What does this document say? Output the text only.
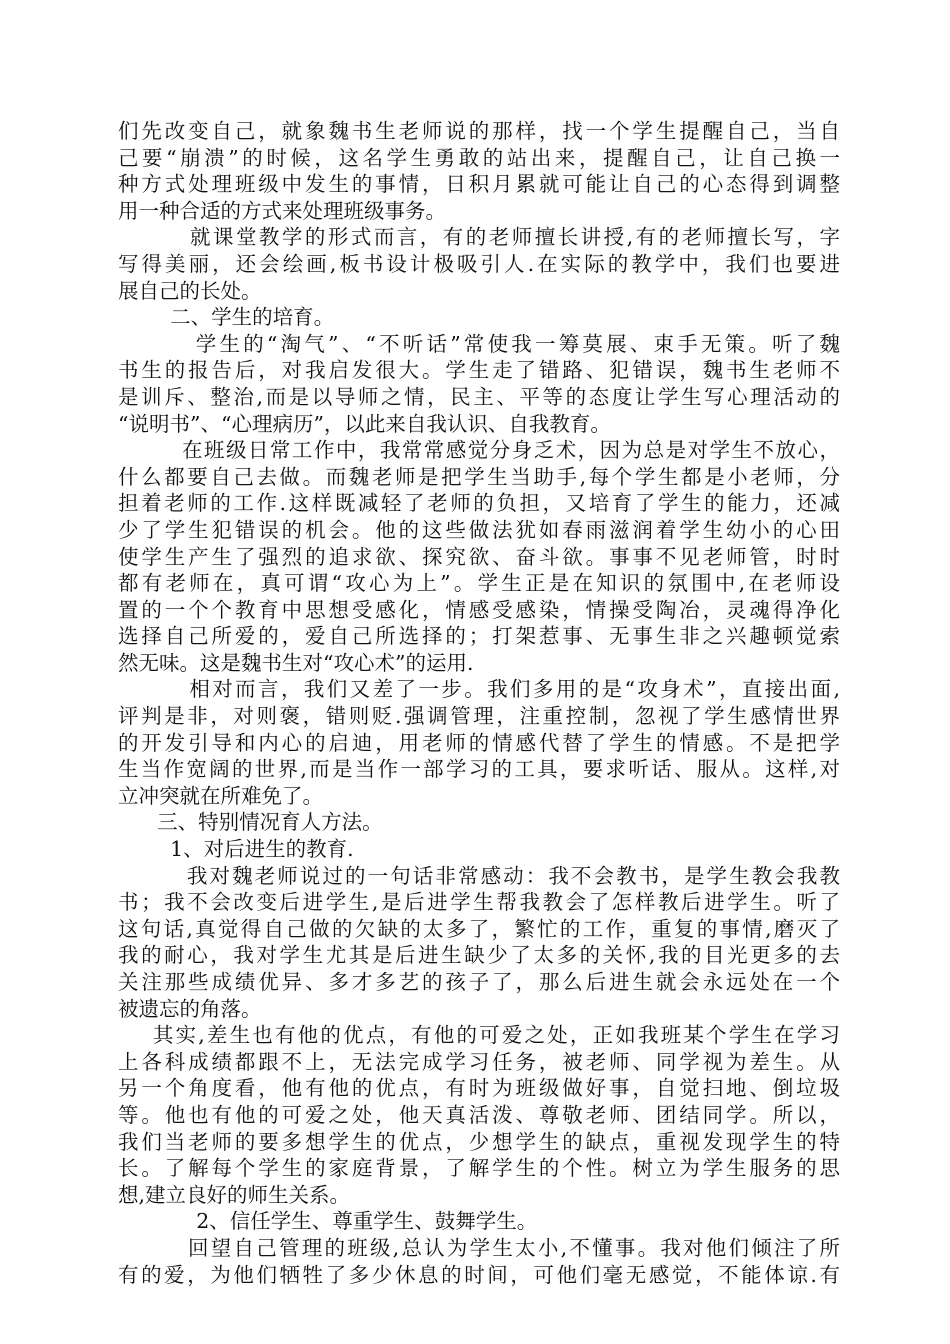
们先改变自己，就象魏书生老师说的那样，找一个学生提醒自己，当自
己要“崩溃”的时候，这名学生勇敢的站出来，提醒自己，让自己换一
种方式处理班级中发生的事情，日积月累就可能让自己的心态得到调整
用一种合适的方式来处理班级事务。
就课堂教学的形式而言，有的老师擅长讲授,有的老师擅长写，字
写得美丽，还会绘画,板书设计极吸引人.在实际的教学中，我们也要进
展自己的长处。
二、学生的培育。
学生的“淘气”、“不听话”常使我一筹莫展、束手无策。听了魏
书生的报告后，对我启发很大。学生走了错路、犯错误，魏书生老师不
是训斥、整治,而是以导师之情，民主、平等的态度让学生写心理活动的
“说明书”、“心理病历”，以此来自我认识、自我教育。
在班级日常工作中，我常常感觉分身乏术，因为总是对学生不放心，
什么都要自己去做。而魏老师是把学生当助手,每个学生都是小老师，分
担着老师的工作.这样既减轻了老师的负担，又培育了学生的能力，还减
少了学生犯错误的机会。他的这些做法犹如春雨滋润着学生幼小的心田
使学生产生了强烈的追求欲、探究欲、奋斗欲。事事不见老师管，时时
都有老师在，真可谓“攻心为上”。学生正是在知识的氛围中,在老师设
置的一个个教育中思想受感化，情感受感染，情操受陶冶，灵魂得净化
选择自己所爱的，爱自己所选择的；打架惹事、无事生非之兴趣顿觉索
然无味。这是魏书生对“攻心术”的运用.
相对而言，我们又差了一步。我们多用的是“攻身术”，直接出面,
评判是非，对则褒，错则贬.强调管理，注重控制，忽视了学生感情世界
的开发引导和内心的启迪，用老师的情感代替了学生的情感。不是把学
生当作宽阔的世界,而是当作一部学习的工具，要求听话、服从。这样,对
立冲突就在所难免了。
三、特别情况育人方法。
1、对后进生的教育.
我对魏老师说过的一句话非常感动：我不会教书，是学生教会我教
书；我不会改变后进学生,是后进学生帮我教会了怎样教后进学生。听了
这句话,真觉得自己做的欠缺的太多了，繁忙的工作，重复的事情,磨灭了
我的耐心，我对学生尤其是后进生缺少了太多的关怀,我的目光更多的去
关注那些成绩优异、多才多艺的孩子了，那么后进生就会永远处在一个
被遗忘的角落。
其实,差生也有他的优点，有他的可爱之处，正如我班某个学生在学习
上各科成绩都跟不上，无法完成学习任务，被老师、同学视为差生。从
另一个角度看，他有他的优点，有时为班级做好事，自觉扫地、倒垃圾
等。他也有他的可爱之处，他天真活泼、尊敬老师、团结同学。所以，
我们当老师的要多想学生的优点，少想学生的缺点，重视发现学生的特
长。了解每个学生的家庭背景，了解学生的个性。树立为学生服务的思
想,建立良好的师生关系。
2、信任学生、尊重学生、鼓舞学生。
回望自己管理的班级,总认为学生太小,不懂事。我对他们倾注了所
有的爱，为他们牺牲了多少休息的时间，可他们毫无感觉，不能体谅.有
